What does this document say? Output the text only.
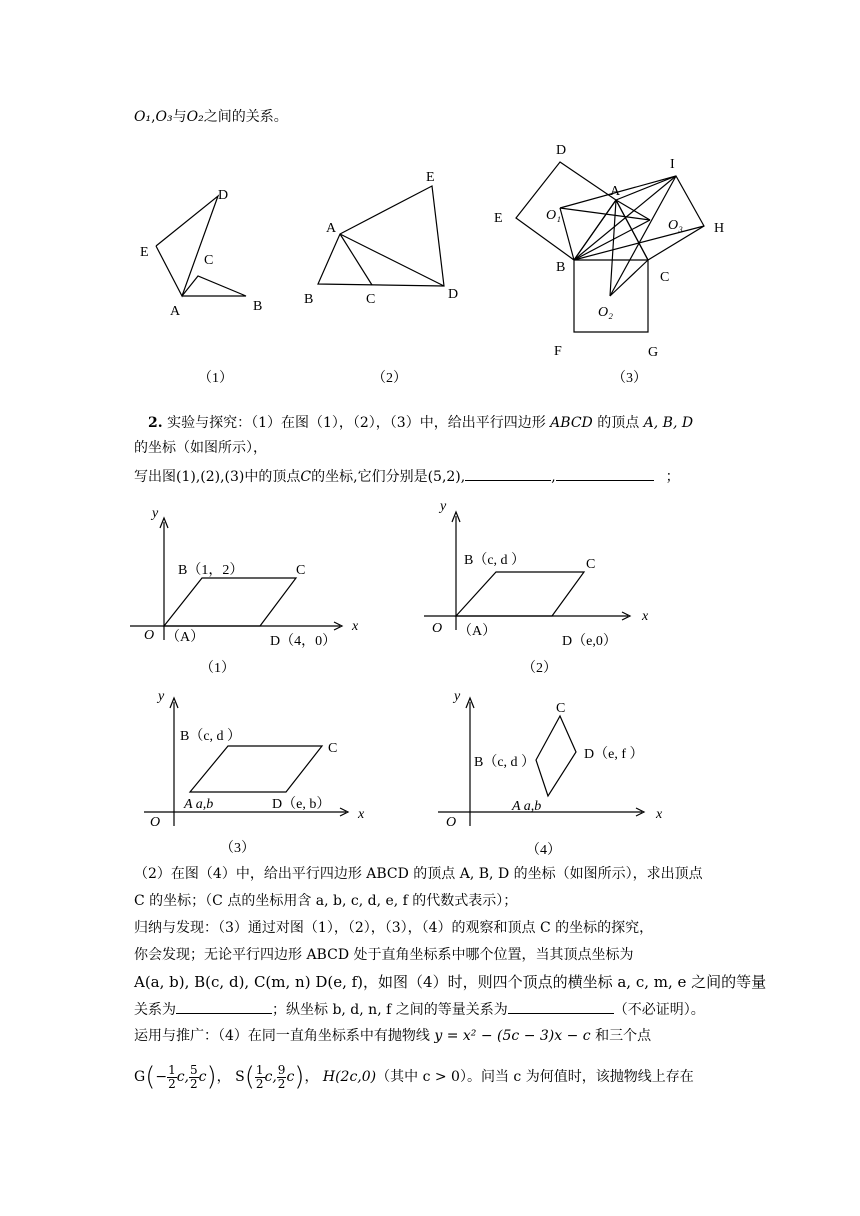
O₁,O₃与O₂之间的关系。
E
D
C
A	B
（1）
A
E
B	C	D
（2）
D
I
A
E	O₁
O₃ H
B
C
O₂
F	G
（3）
y
x
O （A）
B（1，2）	C
D（4，0）
（1）
y
x
O （A）
B（c, d ）	C
D（e,0）
（2）
y
x
O
A a,b
B（c, d ）
C
D（e, b）
（3）
y
x
O
A a,b
B（c, d ）
C
D（e, f ）
（4）
2. 实验与探究：（1）在图（1），（2），（3）中，给出平行四边形 ABCD 的顶点 A, B, D
的坐标（如图所示），
写出图(1),(2),(3)中的顶点C的坐标,它们分别是(5,2),	,	；
（2）在图（4）中，给出平行四边形 ABCD 的顶点 A, B, D 的坐标（如图所示），求出顶点
C 的坐标；（C 点的坐标用含 a, b, c, d, e, f 的代数式表示）；
归纳与发现：（3）通过对图（1），（2），（3），（4）的观察和顶点 C 的坐标的探究，
你会发现；无论平行四边形 ABCD 处于直角坐标系中哪个位置，当其顶点坐标为
A(a, b), B(c, d), C(m, n) D(e, f)，如图（4）时，则四个顶点的横坐标 a, c, m, e 之间的等量
关系为	；纵坐标 b, d, n, f 之间的等量关系为	（不必证明）。
运用与推广：（4）在同一直角坐标系中有抛物线 y = x² − (5c − 3)x − c 和三个点
$G(- \frac{1}{2} c$, $\frac{5}{2} c$)， $S( \frac{1}{2} c$, $\frac{9}{2} c$)， H(2c,0)（其中 c > 0）。问当 c 为何值时，该抛物线上存在
